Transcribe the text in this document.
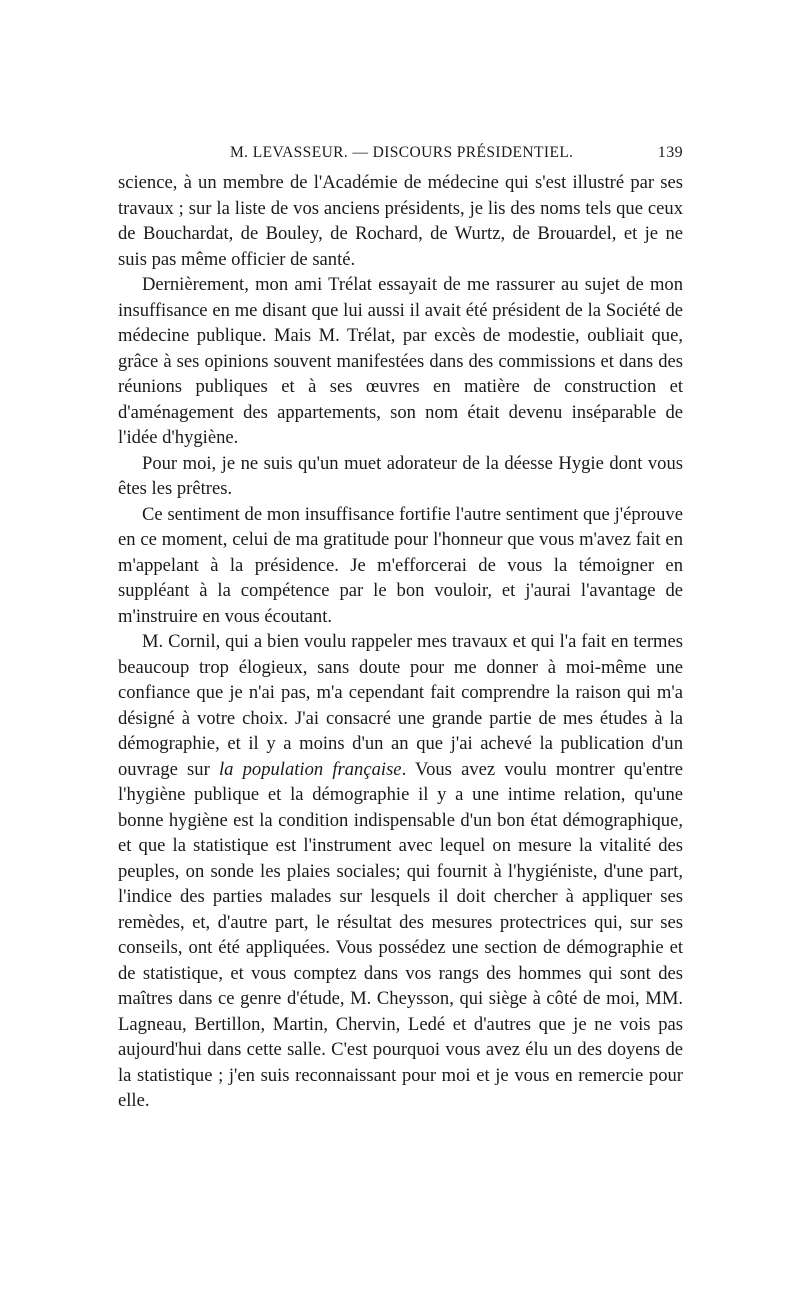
M. LEVASSEUR. — DISCOURS PRÉSIDENTIEL.	139

science, à un membre de l'Académie de médecine qui s'est illustré par ses travaux ; sur la liste de vos anciens présidents, je lis des noms tels que ceux de Bouchardat, de Bouley, de Rochard, de Wurtz, de Brouardel, et je ne suis pas même officier de santé.

Dernièrement, mon ami Trélat essayait de me rassurer au sujet de mon insuffisance en me disant que lui aussi il avait été président de la Société de médecine publique. Mais M. Trélat, par excès de modestie, oubliait que, grâce à ses opinions souvent manifestées dans des commissions et dans des réunions publiques et à ses œuvres en matière de construction et d'aménagement des appartements, son nom était devenu inséparable de l'idée d'hygiène.

Pour moi, je ne suis qu'un muet adorateur de la déesse Hygie dont vous êtes les prêtres.

Ce sentiment de mon insuffisance fortifie l'autre sentiment que j'éprouve en ce moment, celui de ma gratitude pour l'honneur que vous m'avez fait en m'appelant à la présidence. Je m'efforcerai de vous la témoigner en suppléant à la compétence par le bon vouloir, et j'aurai l'avantage de m'instruire en vous écoutant.

M. Cornil, qui a bien voulu rappeler mes travaux et qui l'a fait en termes beaucoup trop élogieux, sans doute pour me donner à moi-même une confiance que je n'ai pas, m'a cependant fait comprendre la raison qui m'a désigné à votre choix. J'ai consacré une grande partie de mes études à la démographie, et il y a moins d'un an que j'ai achevé la publication d'un ouvrage sur la population française. Vous avez voulu montrer qu'entre l'hygiène publique et la démographie il y a une intime relation, qu'une bonne hygiène est la condition indispensable d'un bon état démographique, et que la statistique est l'instrument avec lequel on mesure la vitalité des peuples, on sonde les plaies sociales; qui fournit à l'hygiéniste, d'une part, l'indice des parties malades sur lesquels il doit chercher à appliquer ses remèdes, et, d'autre part, le résultat des mesures protectrices qui, sur ses conseils, ont été appliquées. Vous possédez une section de démographie et de statistique, et vous comptez dans vos rangs des hommes qui sont des maîtres dans ce genre d'étude, M. Cheysson, qui siège à côté de moi, MM. Lagneau, Bertillon, Martin, Chervin, Ledé et d'autres que je ne vois pas aujourd'hui dans cette salle. C'est pourquoi vous avez élu un des doyens de la statistique ; j'en suis reconnaissant pour moi et je vous en remercie pour elle.
